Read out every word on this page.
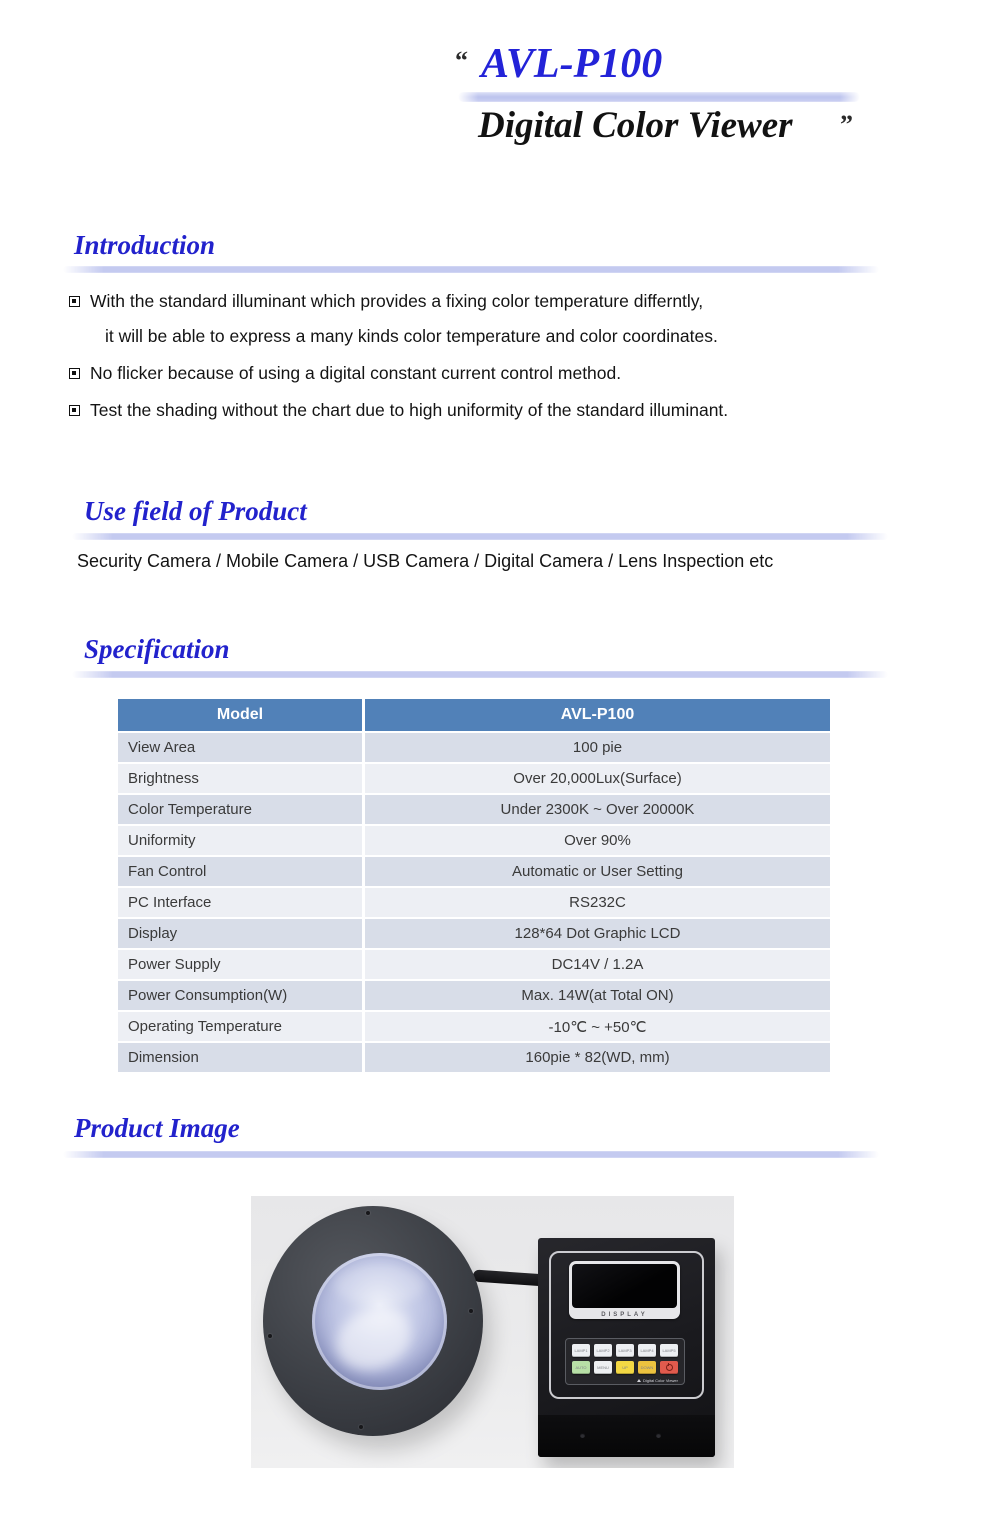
“ AVL-P100
Digital Color Viewer ”
Introduction
With the standard illuminant which provides a fixing color temperature differntly,
it will be able to express a many kinds color temperature and color coordinates.
No flicker because of using a digital constant current control method.
Test the shading without the chart due to high uniformity of the standard illuminant.
Use field of Product
Security Camera / Mobile Camera / USB Camera / Digital Camera / Lens Inspection etc
Specification
Model	AVL-P100
View Area	100 pie
Brightness	Over 20,000Lux(Surface)
Color Temperature	Under 2300K ~ Over 20000K
Uniformity	Over 90%
Fan Control	Automatic or User Setting
PC Interface	RS232C
Display	128*64 Dot Graphic LCD
Power Supply	DC14V / 1.2A
Power Consumption(W)	Max. 14W(at Total ON)
Operating Temperature	-10℃ ~ +50℃
Dimension	160pie * 82(WD, mm)
Product Image
DISPLAY
LAMP1	LAMP2	LAMP3	LAMP4	LAMP5
AUTO	MENU	UP	DOWN
Digital Color Viewer
